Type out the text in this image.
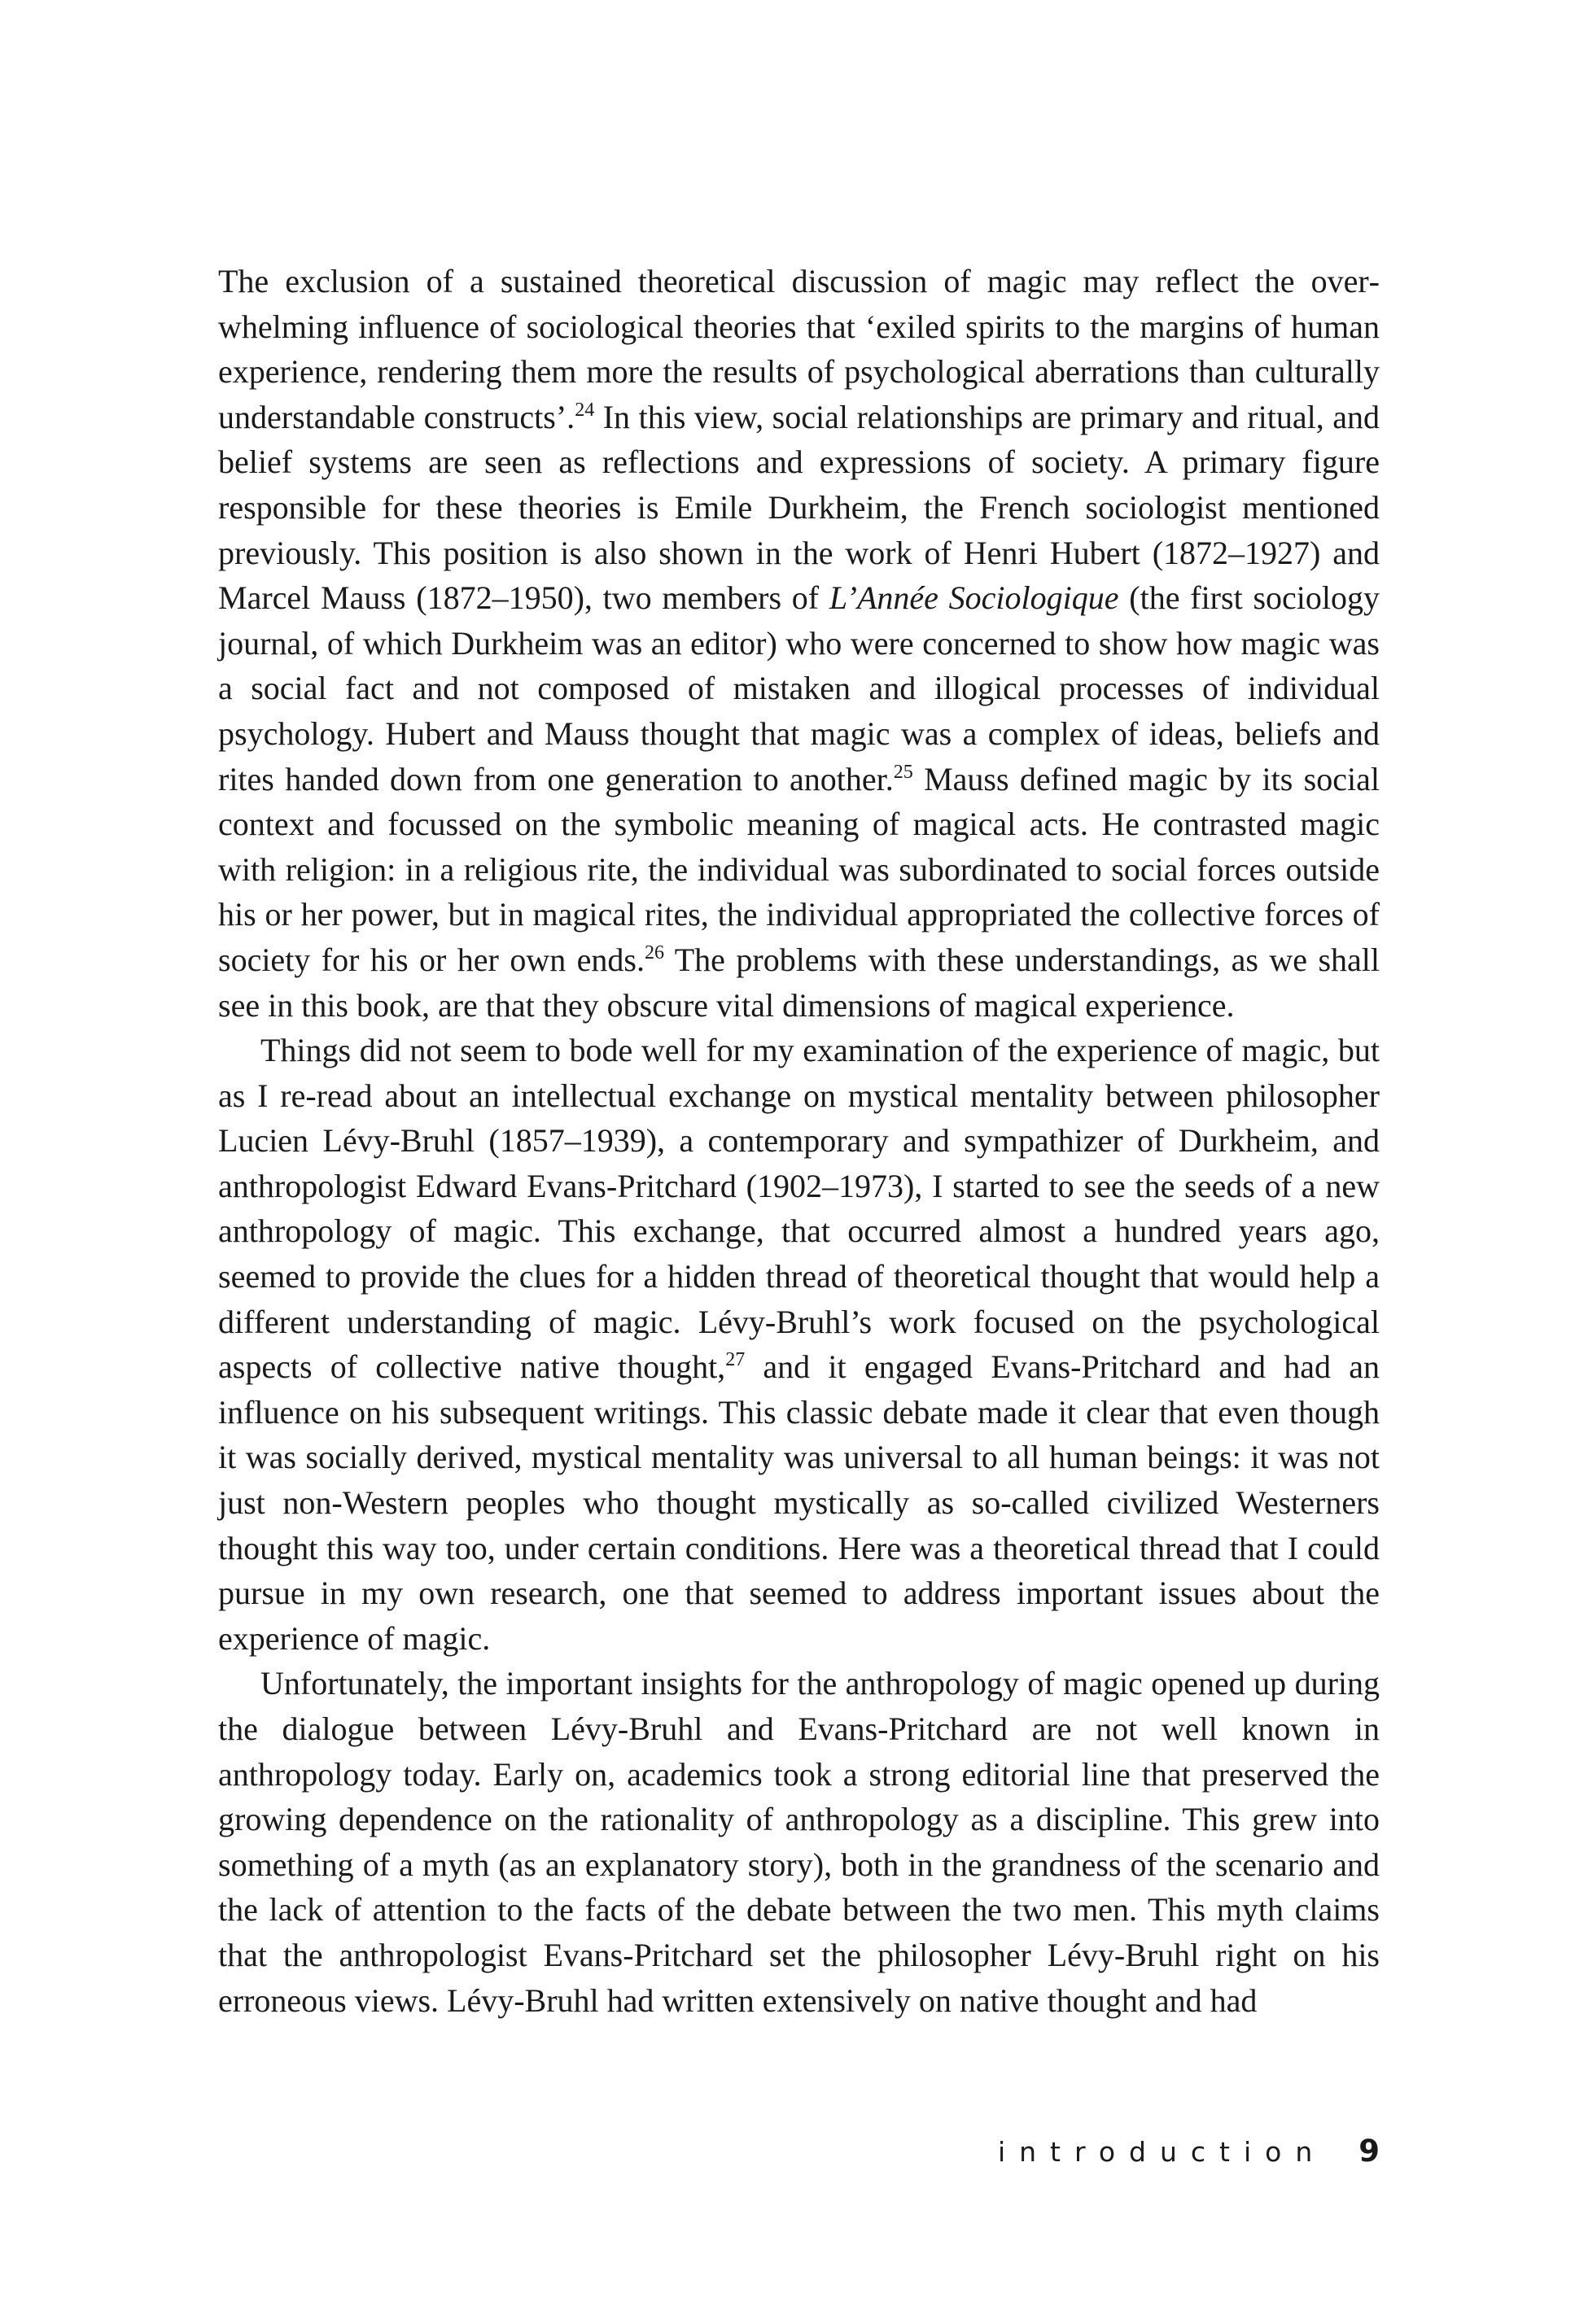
The exclusion of a sustained theoretical discussion of magic may reflect the overwhelming influence of sociological theories that ‘exiled spirits to the margins of human experience, rendering them more the results of psychological aberrations than culturally understandable constructs’.$^{24}$ In this view, social relationships are primary and ritual, and belief systems are seen as reflections and expressions of society. A primary figure responsible for these theories is Emile Durkheim, the French sociologist mentioned previously. This position is also shown in the work of Henri Hubert (1872–1927) and Marcel Mauss (1872–1950), two members of L’Année Sociologique (the first sociology journal, of which Durkheim was an editor) who were concerned to show how magic was a social fact and not composed of mistaken and illogical processes of individual psychology. Hubert and Mauss thought that magic was a complex of ideas, beliefs and rites handed down from one generation to another.$^{25}$ Mauss defined magic by its social context and focussed on the symbolic meaning of magical acts. He contrasted magic with religion: in a religious rite, the individual was subordinated to social forces outside his or her power, but in magical rites, the individual appropriated the collective forces of society for his or her own ends.$^{26}$ The problems with these understandings, as we shall see in this book, are that they obscure vital dimensions of magical experience.

Things did not seem to bode well for my examination of the experience of magic, but as I re-read about an intellectual exchange on mystical mentality between philosopher Lucien Lévy-Bruhl (1857–1939), a contemporary and sympathizer of Durkheim, and anthropologist Edward Evans-Pritchard (1902–1973), I started to see the seeds of a new anthropology of magic. This exchange, that occurred almost a hundred years ago, seemed to provide the clues for a hidden thread of theoretical thought that would help a different understanding of magic. Lévy-Bruhl’s work focused on the psychological aspects of collective native thought,$^{27}$ and it engaged Evans-Pritchard and had an influence on his subsequent writings. This classic debate made it clear that even though it was socially derived, mystical mentality was universal to all human beings: it was not just non-Western peoples who thought mystically as so-called civilized Westerners thought this way too, under certain conditions. Here was a theoretical thread that I could pursue in my own research, one that seemed to address important issues about the experience of magic.

Unfortunately, the important insights for the anthropology of magic opened up during the dialogue between Lévy-Bruhl and Evans-Pritchard are not well known in anthropology today. Early on, academics took a strong editorial line that preserved the growing dependence on the rationality of anthropology as a discipline. This grew into something of a myth (as an explanatory story), both in the grandness of the scenario and the lack of attention to the facts of the debate between the two men. This myth claims that the anthropologist Evans-Pritchard set the philosopher Lévy-Bruhl right on his erroneous views. Lévy-Bruhl had written extensively on native thought and had

introduction 9
